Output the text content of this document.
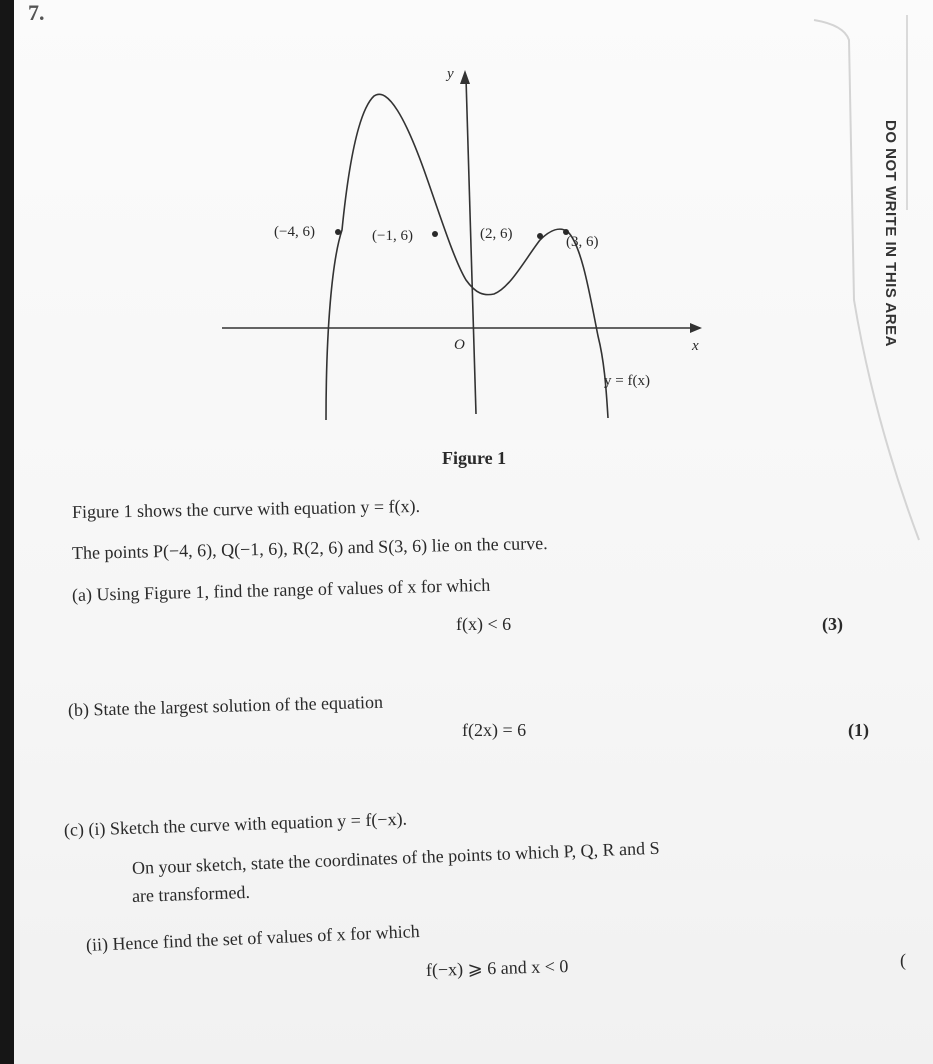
7.
DO NOT WRITE IN THIS AREA
y
x
O
y = f(x)
(−4, 6)	(−1, 6)	(2, 6)	(3, 6)
Figure 1
Figure 1 shows the curve with equation y = f(x).
The points P(−4, 6), Q(−1, 6), R(2, 6) and S(3, 6) lie on the curve.
(a) Using Figure 1, find the range of values of x for which
f(x) < 6	(3)
(b) State the largest solution of the equation
f(2x) = 6	(1)
(c) (i) Sketch the curve with equation y = f(−x).
On your sketch, state the coordinates of the points to which P, Q, R and S
are transformed.
(ii) Hence find the set of values of x for which
f(−x) ⩾ 6 and x < 0	(
